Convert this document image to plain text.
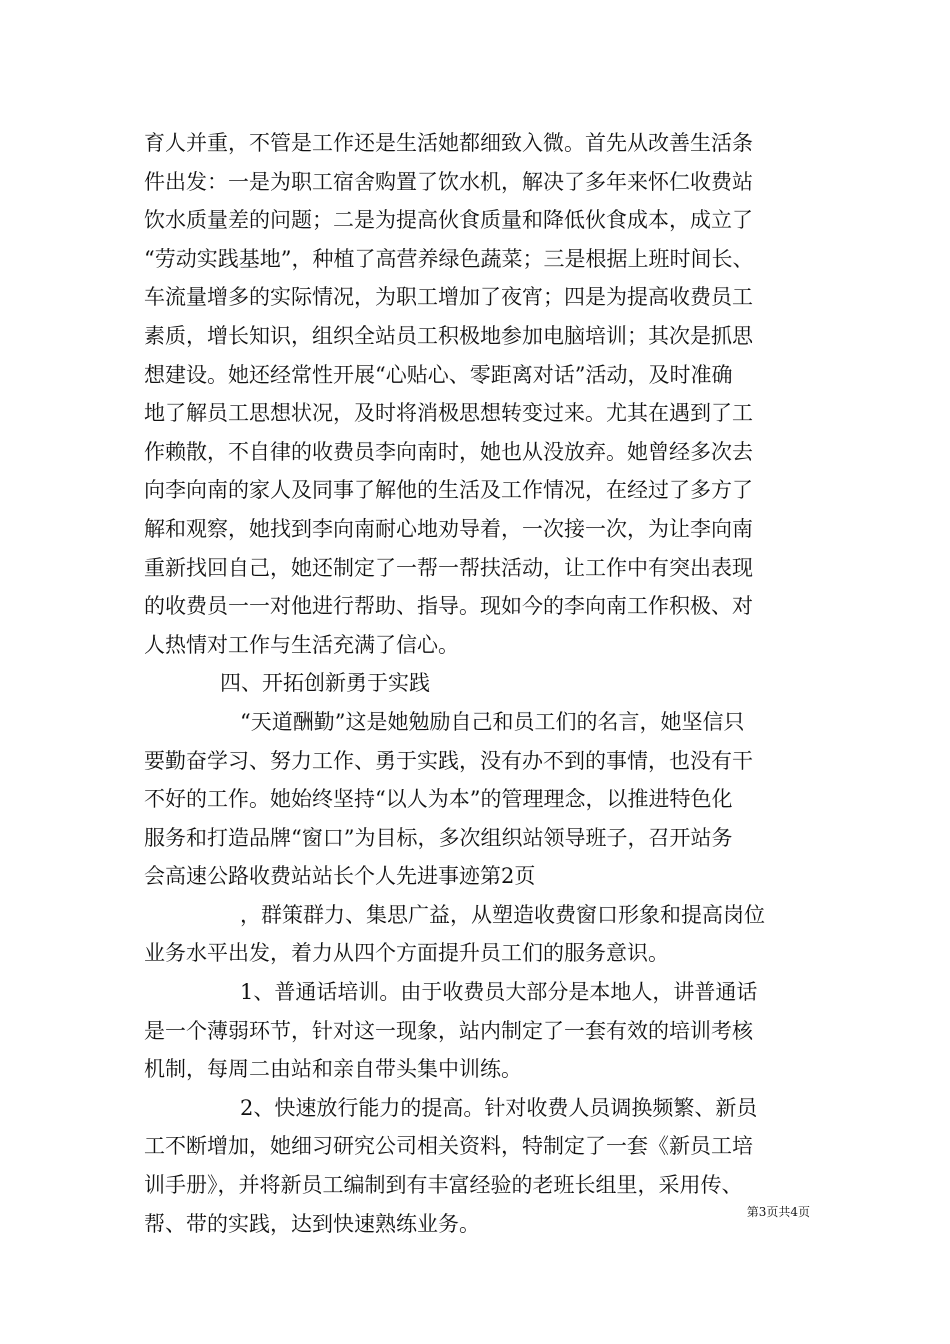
育人并重，不管是工作还是生活她都细致入微。首先从改善生活条
件出发：一是为职工宿舍购置了饮水机，解决了多年来怀仁收费站
饮水质量差的问题；二是为提高伙食质量和降低伙食成本，成立了
“劳动实践基地”，种植了高营养绿色蔬菜；三是根据上班时间长、
车流量增多的实际情况，为职工增加了夜宵；四是为提高收费员工
素质，增长知识，组织全站员工积极地参加电脑培训；其次是抓思
想建设。她还经常性开展“心贴心、零距离对话”活动，及时准确
地了解员工思想状况，及时将消极思想转变过来。尤其在遇到了工
作赖散，不自律的收费员李向南时，她也从没放弃。她曾经多次去
向李向南的家人及同事了解他的生活及工作情况，在经过了多方了
解和观察，她找到李向南耐心地劝导着，一次接一次，为让李向南
重新找回自己，她还制定了一帮一帮扶活动，让工作中有突出表现
的收费员一一对他进行帮助、指导。现如今的李向南工作积极、对
人热情对工作与生活充满了信心。
四、开拓创新勇于实践
“天道酬勤”这是她勉励自己和员工们的名言，她坚信只
要勤奋学习、努力工作、勇于实践，没有办不到的事情，也没有干
不好的工作。她始终坚持“以人为本”的管理理念，以推进特色化
服务和打造品牌“窗口”为目标，多次组织站领导班子，召开站务
会高速公路收费站站长个人先进事迹第2页
，群策群力、集思广益，从塑造收费窗口形象和提高岗位
业务水平出发，着力从四个方面提升员工们的服务意识。
1、普通话培训。由于收费员大部分是本地人，讲普通话
是一个薄弱环节，针对这一现象，站内制定了一套有效的培训考核
机制，每周二由站和亲自带头集中训练。
2、快速放行能力的提高。针对收费人员调换频繁、新员
工不断增加，她细习研究公司相关资料，特制定了一套《新员工培
训手册》，并将新员工编制到有丰富经验的老班长组里，采用传、
帮、带的实践，达到快速熟练业务。	第3页共4页
